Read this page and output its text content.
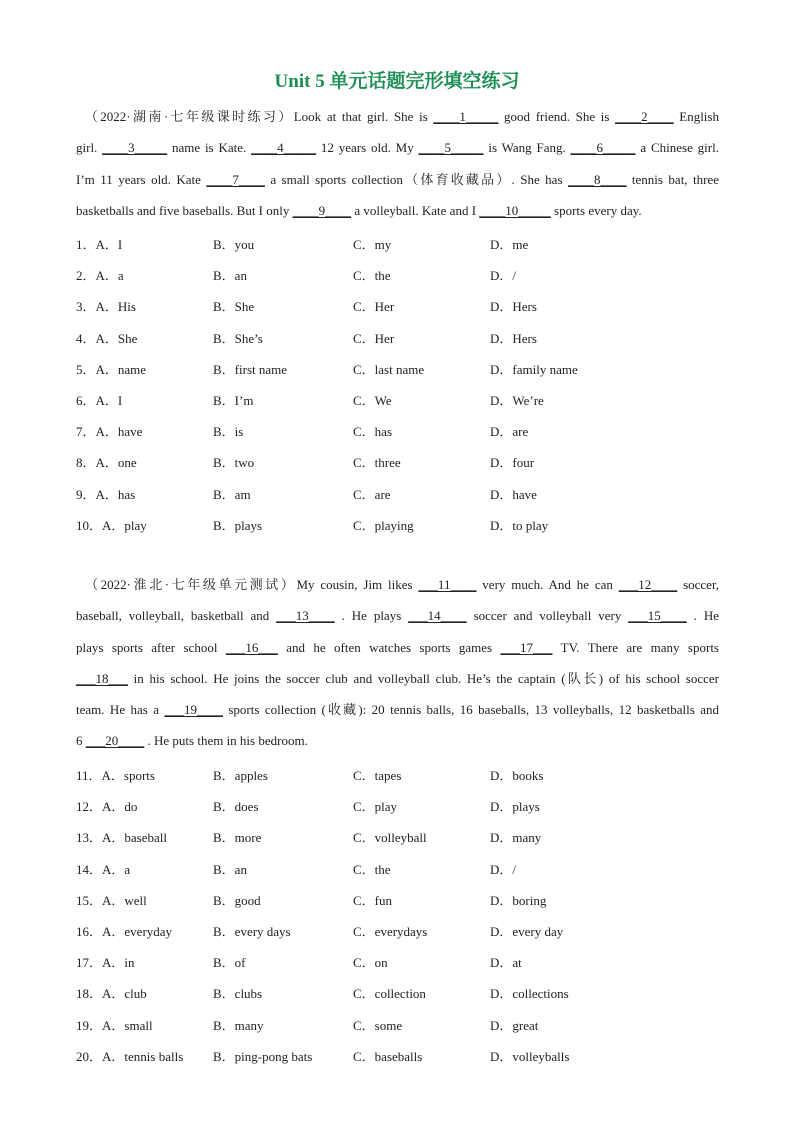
Unit 5 单元话题完形填空练习
　（2022·湖南·七年级课时练习）Look at that girl. She is ____1_____ good friend. She is ____2____ English
girl. ____3_____ name is Kate. ____4_____ 12 years old. My ____5_____ is Wang Fang. ____6_____ a Chinese girl.
I’m 11 years old. Kate ____7____ a small sports collection（体育收藏品）. She has ____8____ tennis bat, three
basketballs and five baseballs. But I only ____9____ a volleyball. Kate and I ____10_____ sports every day.
1．A．I	B．you	C．my	D．me
2．A．a	B．an	C．the	D．/
3．A．His	B．She	C．Her	D．Hers
4．A．She	B．She’s	C．Her	D．Hers
5．A．name	B．first name	C．last name	D．family name
6．A．I	B．I’m	C．We	D．We’re
7．A．have	B．is	C．has	D．are
8．A．one	B．two	C．three	D．four
9．A．has	B．am	C．are	D．have
10．A．play	B．plays	C．playing	D．to play
　（2022·淮北·七年级单元测试）My cousin, Jim likes ___11____ very much. And he can ___12____ soccer,
baseball, volleyball, basketball and ___13____ . He plays ___14____ soccer and volleyball very ___15____ . He
plays sports after school ___16___ and he often watches sports games ___17___ TV. There are many sports
___18___ in his school. He joins the soccer club and volleyball club. He’s the captain (队长) of his school soccer
team. He has a ___19____ sports collection (收藏): 20 tennis balls, 16 baseballs, 13 volleyballs, 12 basketballs and
6 ___20____ . He puts them in his bedroom.
11．A．sports	B．apples	C．tapes	D．books
12．A．do	B．does	C．play	D．plays
13．A．baseball	B．more	C．volleyball	D．many
14．A．a	B．an	C．the	D．/
15．A．well	B．good	C．fun	D．boring
16．A．everyday	B．every days	C．everydays	D．every day
17．A．in	B．of	C．on	D．at
18．A．club	B．clubs	C．collection	D．collections
19．A．small	B．many	C．some	D．great
20．A．tennis balls B．ping-pong bats	C．baseballs	D．volleyballs
